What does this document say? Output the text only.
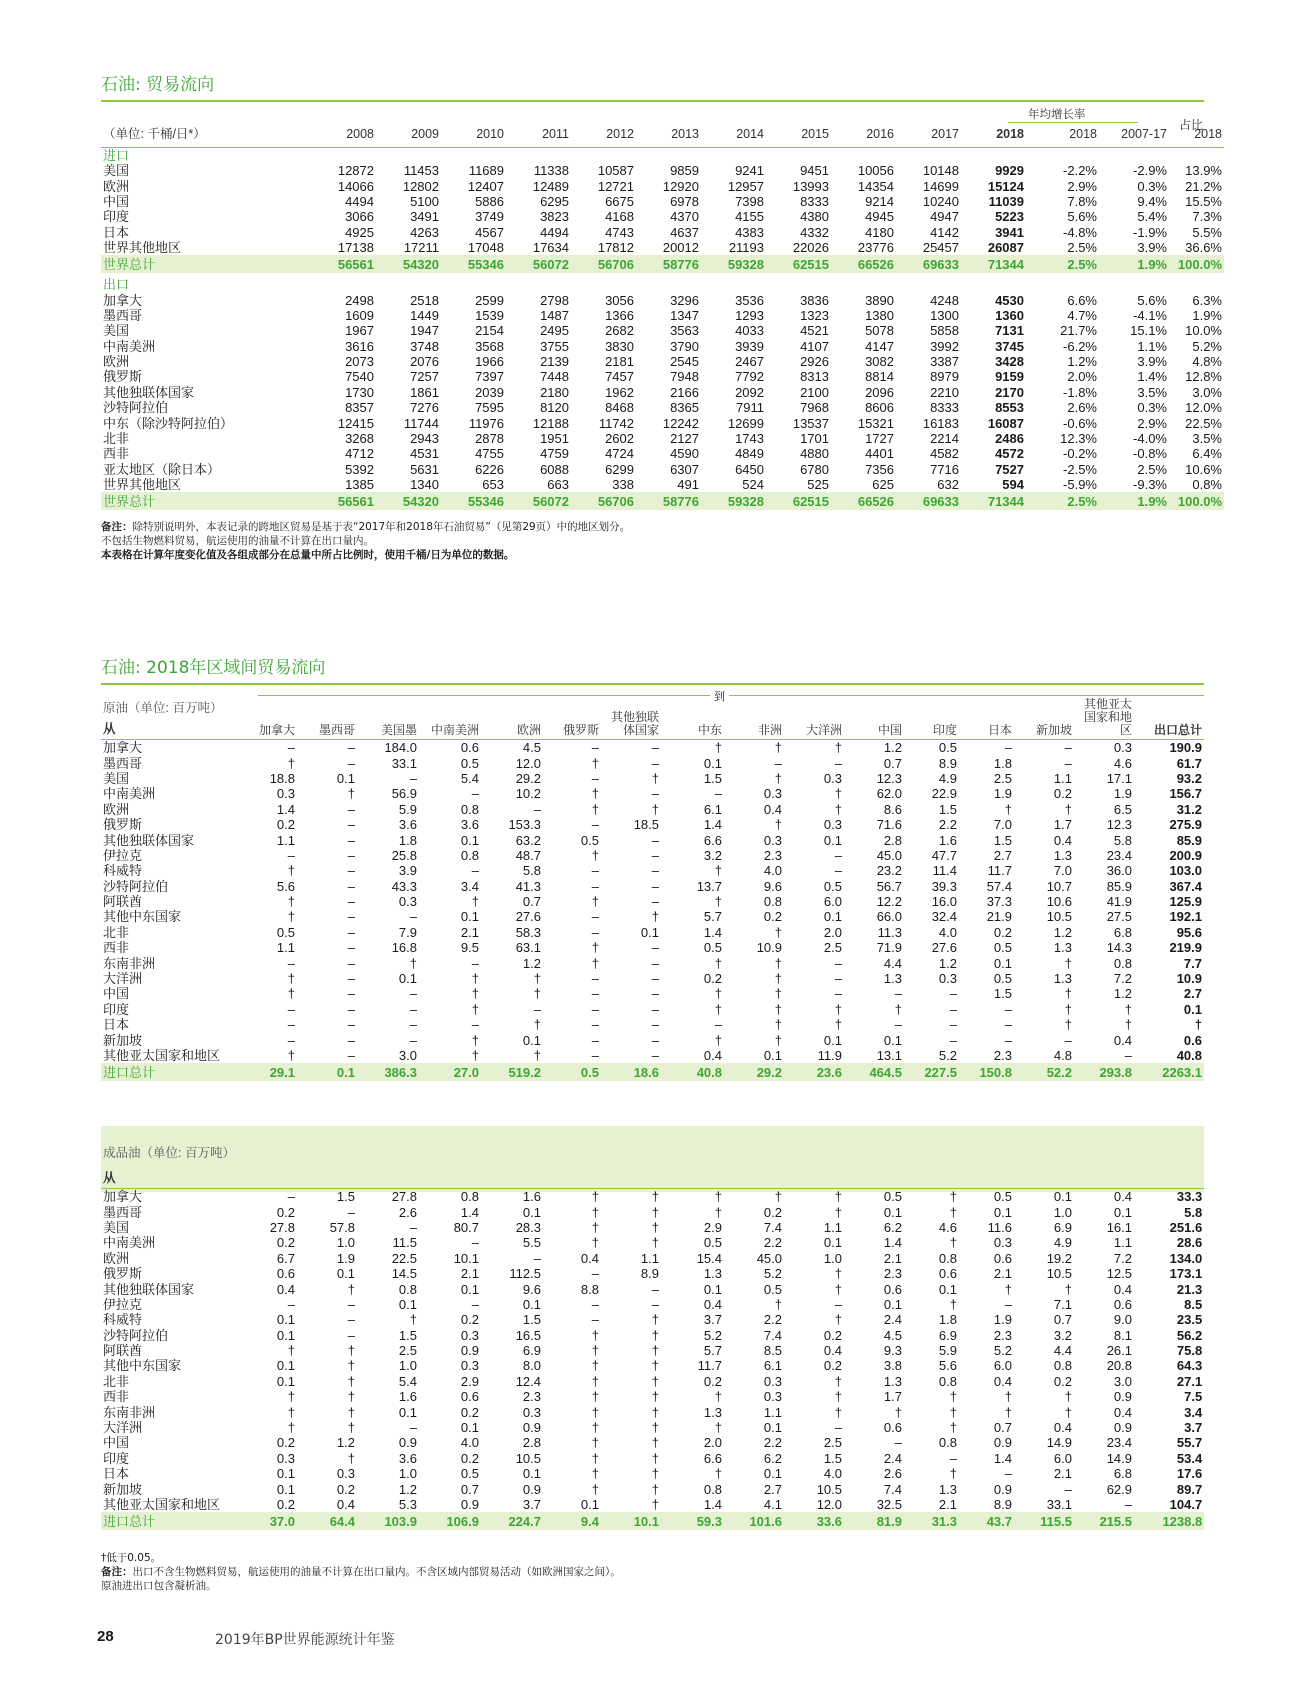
石油: 贸易流向
年均增长率
占比
（单位: 千桶/日*）	2008	2009	2010	2011	2012	2013	2014	2015	2016	2017	2018	2018	2007-17	2018

进口														
美国	12872	11453	11689	11338	10587	9859	9241	9451	10056	10148	9929	-2.2%	-2.9%	13.9%
欧洲	14066	12802	12407	12489	12721	12920	12957	13993	14354	14699	15124	2.9%	0.3%	21.2%
中国	4494	5100	5886	6295	6675	6978	7398	8333	9214	10240	11039	7.8%	9.4%	15.5%
印度	3066	3491	3749	3823	4168	4370	4155	4380	4945	4947	5223	5.6%	5.4%	7.3%
日本	4925	4263	4567	4494	4743	4637	4383	4332	4180	4142	3941	-4.8%	-1.9%	5.5%
世界其他地区	17138	17211	17048	17634	17812	20012	21193	22026	23776	25457	26087	2.5%	3.9%	36.6%
世界总计	56561	54320	55346	56072	56706	58776	59328	62515	66526	69633	71344	2.5%	1.9%	100.0%

出口														
加拿大	2498	2518	2599	2798	3056	3296	3536	3836	3890	4248	4530	6.6%	5.6%	6.3%
墨西哥	1609	1449	1539	1487	1366	1347	1293	1323	1380	1300	1360	4.7%	-4.1%	1.9%
美国	1967	1947	2154	2495	2682	3563	4033	4521	5078	5858	7131	21.7%	15.1%	10.0%
中南美洲	3616	3748	3568	3755	3830	3790	3939	4107	4147	3992	3745	-6.2%	1.1%	5.2%
欧洲	2073	2076	1966	2139	2181	2545	2467	2926	3082	3387	3428	1.2%	3.9%	4.8%
俄罗斯	7540	7257	7397	7448	7457	7948	7792	8313	8814	8979	9159	2.0%	1.4%	12.8%
其他独联体国家	1730	1861	2039	2180	1962	2166	2092	2100	2096	2210	2170	-1.8%	3.5%	3.0%
沙特阿拉伯	8357	7276	7595	8120	8468	8365	7911	7968	8606	8333	8553	2.6%	0.3%	12.0%
中东（除沙特阿拉伯）	12415	11744	11976	12188	11742	12242	12699	13537	15321	16183	16087	-0.6%	2.9%	22.5%
北非	3268	2943	2878	1951	2602	2127	1743	1701	1727	2214	2486	12.3%	-4.0%	3.5%
西非	4712	4531	4755	4759	4724	4590	4849	4880	4401	4582	4572	-0.2%	-0.8%	6.4%
亚太地区（除日本）	5392	5631	6226	6088	6299	6307	6450	6780	7356	7716	7527	-2.5%	2.5%	10.6%
世界其他地区	1385	1340	653	663	338	491	524	525	625	632	594	-5.9%	-9.3%	0.8%
世界总计	56561	54320	55346	56072	56706	58776	59328	62515	66526	69633	71344	2.5%	1.9%	100.0%
备注：除特别说明外，本表记录的跨地区贸易是基于表“2017年和2018年石油贸易”（见第29页）中的地区划分。
不包括生物燃料贸易，航运使用的油量不计算在出口量内。
本表格在计算年度变化值及各组成部分在总量中所占比例时，使用千桶/日为单位的数据。
石油: 2018年区域间贸易流向
到
原油（单位: 百万吨）
从	加拿大	墨西哥	美国墨	中南美洲	欧洲	俄罗斯	其他独联体国家	中东	非洲	大洋洲	中国	印度	日本	新加坡	其他亚太国家和地区	出口总计

加拿大	–	–	184.0	0.6	4.5	–	–	†	†	†	1.2	0.5	–	–	0.3	190.9
墨西哥	†	–	33.1	0.5	12.0	†	–	0.1	–	–	0.7	8.9	1.8	–	4.6	61.7
美国	18.8	0.1	–	5.4	29.2	–	†	1.5	†	0.3	12.3	4.9	2.5	1.1	17.1	93.2
中南美洲	0.3	†	56.9	–	10.2	†	–	–	0.3	†	62.0	22.9	1.9	0.2	1.9	156.7
欧洲	1.4	–	5.9	0.8	–	†	†	6.1	0.4	†	8.6	1.5	†	†	6.5	31.2
俄罗斯	0.2	–	3.6	3.6	153.3	–	18.5	1.4	†	0.3	71.6	2.2	7.0	1.7	12.3	275.9
其他独联体国家	1.1	–	1.8	0.1	63.2	0.5	–	6.6	0.3	0.1	2.8	1.6	1.5	0.4	5.8	85.9
伊拉克	–	–	25.8	0.8	48.7	†	–	3.2	2.3	–	45.0	47.7	2.7	1.3	23.4	200.9
科威特	†	–	3.9	–	5.8	–	–	†	4.0	–	23.2	11.4	11.7	7.0	36.0	103.0
沙特阿拉伯	5.6	–	43.3	3.4	41.3	–	–	13.7	9.6	0.5	56.7	39.3	57.4	10.7	85.9	367.4
阿联酋	†	–	0.3	†	0.7	†	–	†	0.8	6.0	12.2	16.0	37.3	10.6	41.9	125.9
其他中东国家	†	–	–	0.1	27.6	–	†	5.7	0.2	0.1	66.0	32.4	21.9	10.5	27.5	192.1
北非	0.5	–	7.9	2.1	58.3	–	0.1	1.4	†	2.0	11.3	4.0	0.2	1.2	6.8	95.6
西非	1.1	–	16.8	9.5	63.1	†	–	0.5	10.9	2.5	71.9	27.6	0.5	1.3	14.3	219.9
东南非洲	–	–	†	–	1.2	†	–	†	†	–	4.4	1.2	0.1	†	0.8	7.7
大洋洲	†	–	0.1	†	†	–	–	0.2	†	–	1.3	0.3	0.5	1.3	7.2	10.9
中国	†	–	–	†	†	–	–	†	†	–	–	–	1.5	†	1.2	2.7
印度	–	–	–	†	–	–	–	†	†	†	†	–	–	†	†	0.1
日本	–	–	–	–	†	–	–	–	†	†	–	–	–	†	†	†
新加坡	–	–	–	†	0.1	–	–	†	†	0.1	0.1	–	–	–	0.4	0.6
其他亚太国家和地区	†	–	3.0	†	†	–	–	0.4	0.1	11.9	13.1	5.2	2.3	4.8	–	40.8
进口总计	29.1	0.1	386.3	27.0	519.2	0.5	18.6	40.8	29.2	23.6	464.5	227.5	150.8	52.2	293.8	2263.1
成品油（单位: 百万吨）
从																

加拿大	–	1.5	27.8	0.8	1.6	†	†	†	†	†	0.5	†	0.5	0.1	0.4	33.3
墨西哥	0.2	–	2.6	1.4	0.1	†	†	†	0.2	†	0.1	†	0.1	1.0	0.1	5.8
美国	27.8	57.8	–	80.7	28.3	†	†	2.9	7.4	1.1	6.2	4.6	11.6	6.9	16.1	251.6
中南美洲	0.2	1.0	11.5	–	5.5	†	†	0.5	2.2	0.1	1.4	†	0.3	4.9	1.1	28.6
欧洲	6.7	1.9	22.5	10.1	–	0.4	1.1	15.4	45.0	1.0	2.1	0.8	0.6	19.2	7.2	134.0
俄罗斯	0.6	0.1	14.5	2.1	112.5	–	8.9	1.3	5.2	†	2.3	0.6	2.1	10.5	12.5	173.1
其他独联体国家	0.4	†	0.8	0.1	9.6	8.8	–	0.1	0.5	†	0.6	0.1	†	†	0.4	21.3
伊拉克	–	–	0.1	–	0.1	–	–	0.4	†	–	0.1	†	–	7.1	0.6	8.5
科威特	0.1	–	†	0.2	1.5	–	†	3.7	2.2	†	2.4	1.8	1.9	0.7	9.0	23.5
沙特阿拉伯	0.1	–	1.5	0.3	16.5	†	†	5.2	7.4	0.2	4.5	6.9	2.3	3.2	8.1	56.2
阿联酋	†	†	2.5	0.9	6.9	†	†	5.7	8.5	0.4	9.3	5.9	5.2	4.4	26.1	75.8
其他中东国家	0.1	†	1.0	0.3	8.0	†	†	11.7	6.1	0.2	3.8	5.6	6.0	0.8	20.8	64.3
北非	0.1	†	5.4	2.9	12.4	†	†	0.2	0.3	†	1.3	0.8	0.4	0.2	3.0	27.1
西非	†	†	1.6	0.6	2.3	†	†	†	0.3	†	1.7	†	†	†	0.9	7.5
东南非洲	†	†	0.1	0.2	0.3	†	†	1.3	1.1	†	†	†	†	†	0.4	3.4
大洋洲	†	†	–	0.1	0.9	†	†	†	0.1	–	0.6	†	0.7	0.4	0.9	3.7
中国	0.2	1.2	0.9	4.0	2.8	†	†	2.0	2.2	2.5	–	0.8	0.9	14.9	23.4	55.7
印度	0.3	†	3.6	0.2	10.5	†	†	6.6	6.2	1.5	2.4	–	1.4	6.0	14.9	53.4
日本	0.1	0.3	1.0	0.5	0.1	†	†	†	0.1	4.0	2.6	†	–	2.1	6.8	17.6
新加坡	0.1	0.2	1.2	0.7	0.9	†	†	0.8	2.7	10.5	7.4	1.3	0.9	–	62.9	89.7
其他亚太国家和地区	0.2	0.4	5.3	0.9	3.7	0.1	†	1.4	4.1	12.0	32.5	2.1	8.9	33.1	–	104.7
进口总计	37.0	64.4	103.9	106.9	224.7	9.4	10.1	59.3	101.6	33.6	81.9	31.3	43.7	115.5	215.5	1238.8
†低于0.05。
备注：出口不含生物燃料贸易，航运使用的油量不计算在出口量内。不含区域内部贸易活动（如欧洲国家之间）。
原油进出口包含凝析油。
28	2019年BP世界能源统计年鉴
